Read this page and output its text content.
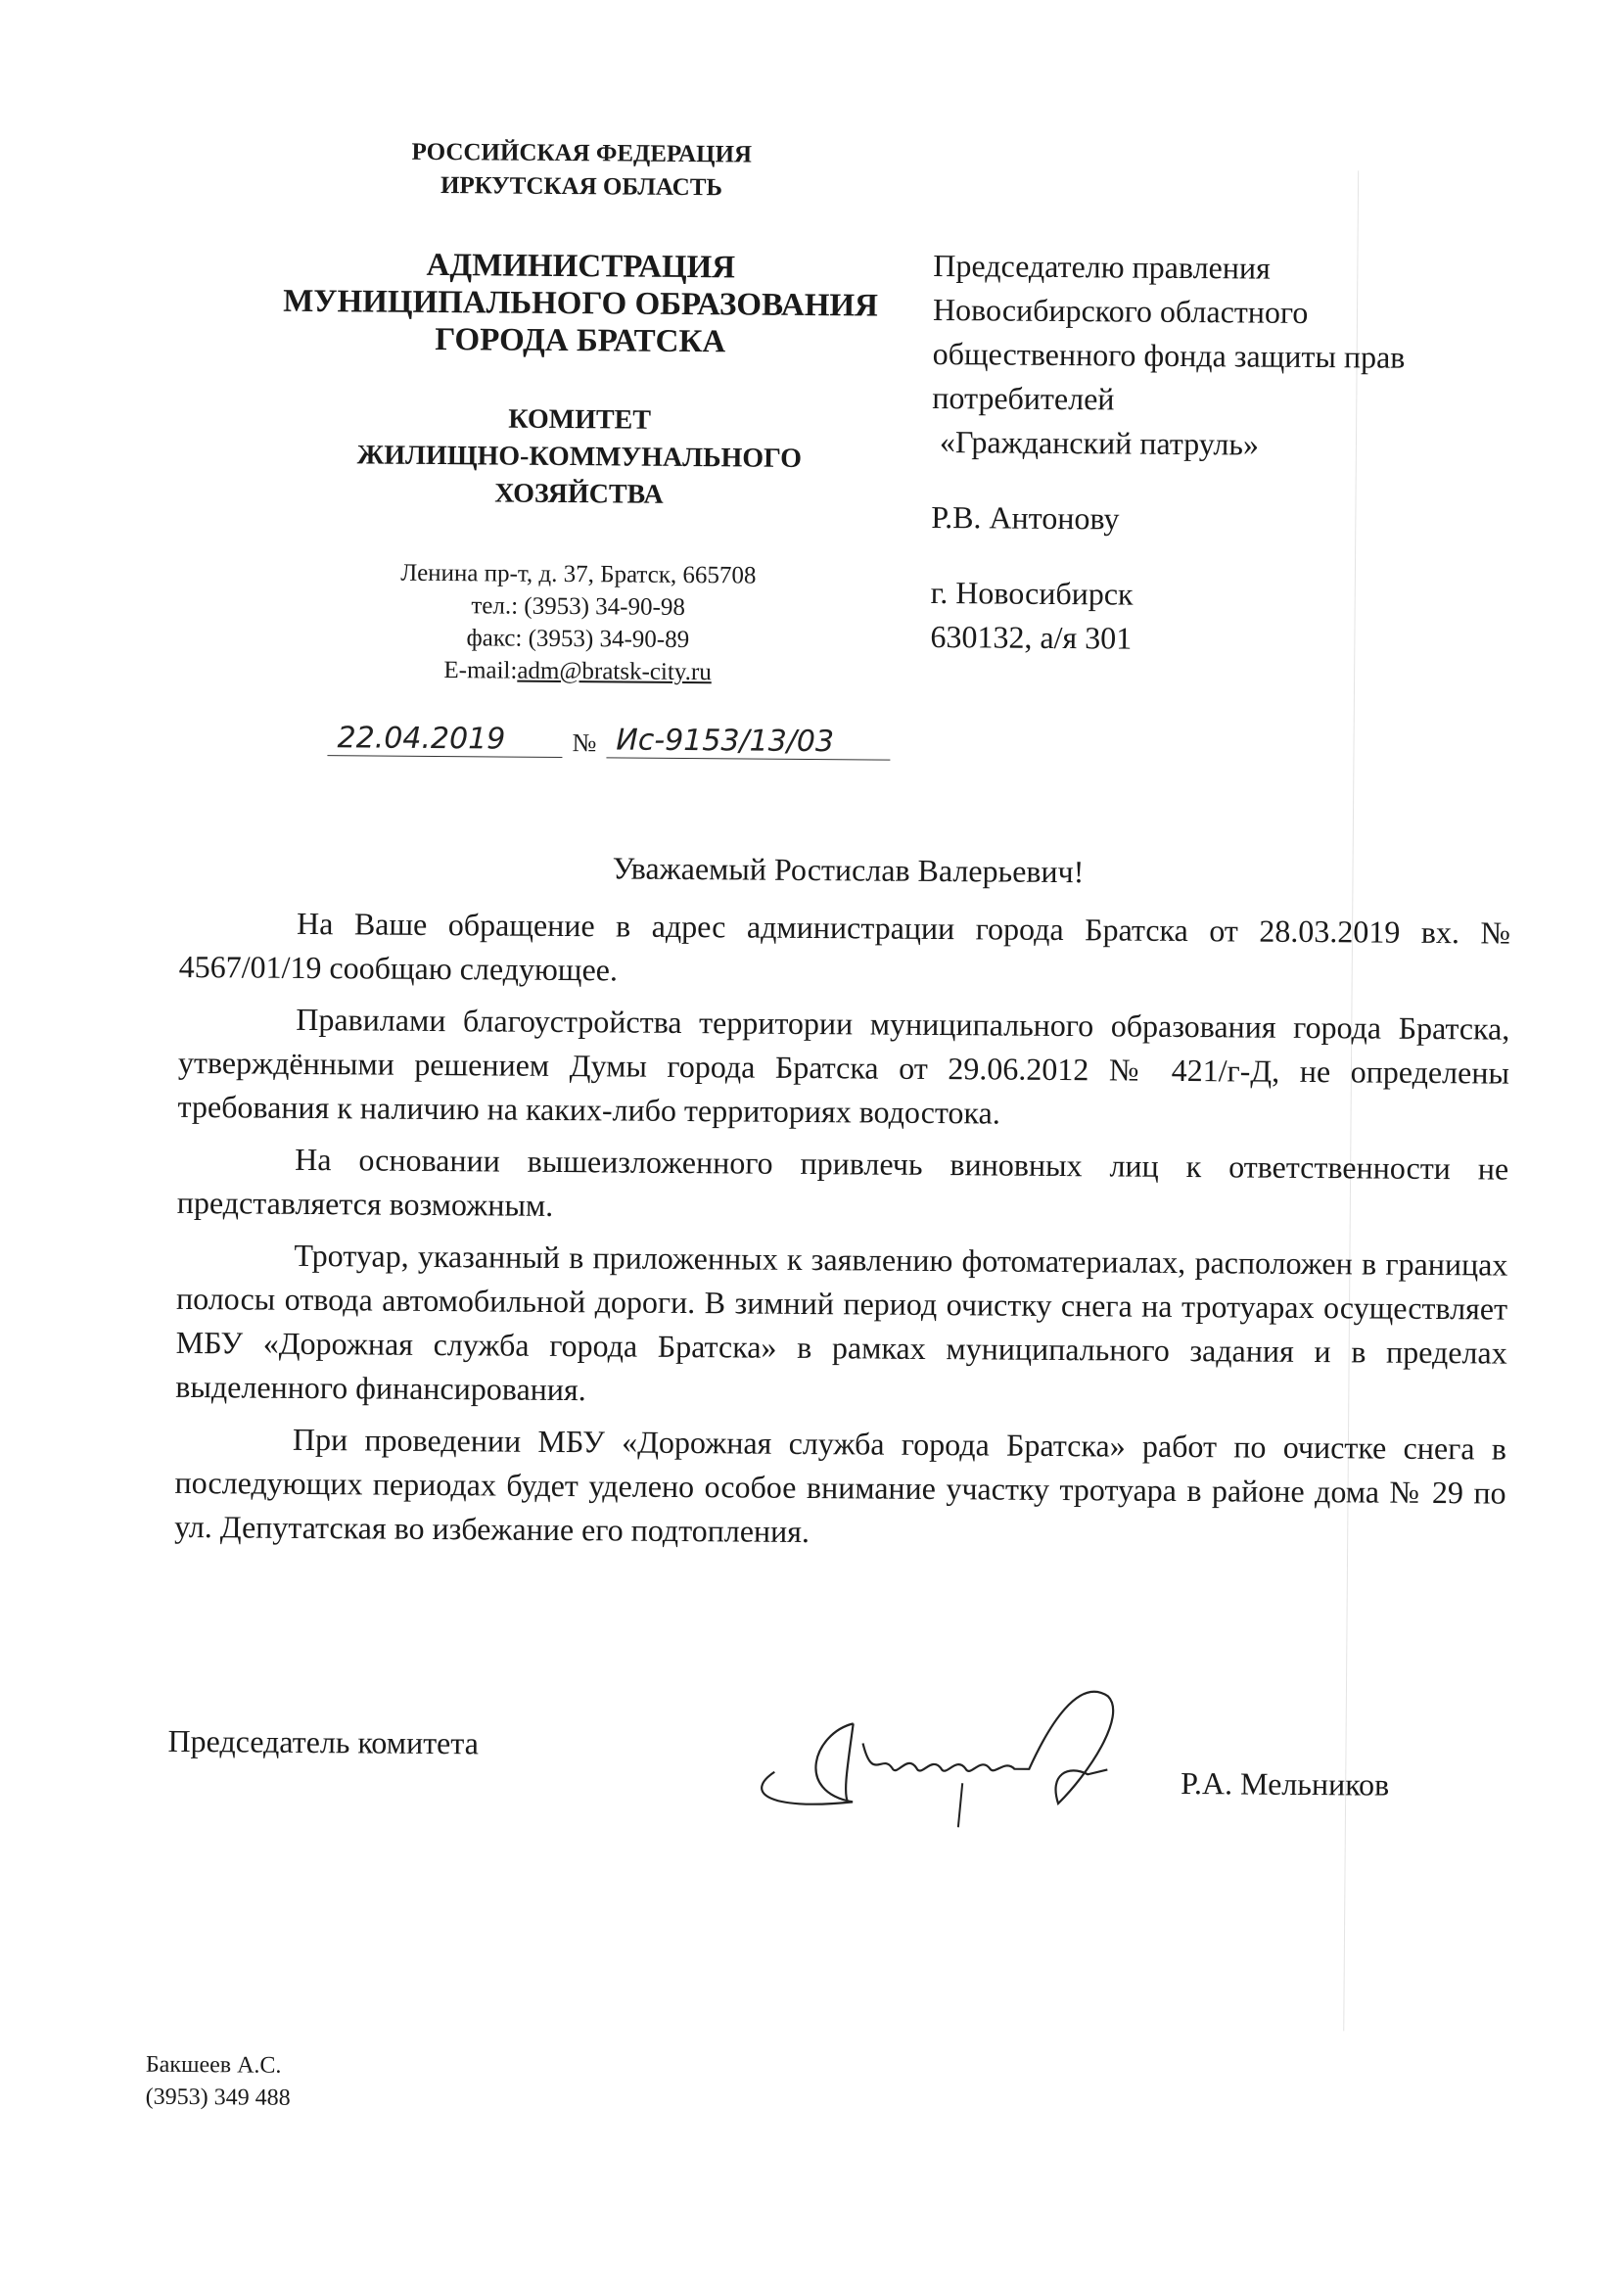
РОССИЙСКАЯ ФЕДЕРАЦИЯ
ИРКУТСКАЯ ОБЛАСТЬ
АДМИНИСТРАЦИЯ
МУНИЦИПАЛЬНОГО ОБРАЗОВАНИЯ
ГОРОДА БРАТСКА
КОМИТЕТ
ЖИЛИЩНО-КОММУНАЛЬНОГО
ХОЗЯЙСТВА
Ленина пр-т, д. 37, Братск, 665708
тел.: (3953) 34-90-98
факс: (3953) 34-90-89
E-mail:adm@bratsk-city.ru
22.04.2019	№ Ис-9153/13/03
Председателю правления
Новосибирского областного
общественного фонда защиты прав
потребителей
«Гражданский патруль»
Р.В. Антонову
г. Новосибирск
630132, а/я 301
Уважаемый Ростислав Валерьевич!

На Ваше обращение в адрес администрации города Братска от 28.03.2019 вх. № 4567/01/19 сообщаю следующее.

Правилами благоустройства территории муниципального образования города Братска, утверждёнными решением Думы города Братска от 29.06.2012 № 421/г-Д, не определены требования к наличию на каких-либо территориях водостока.

На основании вышеизложенного привлечь виновных лиц к ответственности не представляется возможным.

Тротуар, указанный в приложенных к заявлению фотоматериалах, расположен в границах полосы отвода автомобильной дороги. В зимний период очистку снега на тротуарах осуществляет МБУ «Дорожная служба города Братска» в рамках муниципального задания и в пределах выделенного финансирования.

При проведении МБУ «Дорожная служба города Братска» работ по очистке снега в последующих периодах будет уделено особое внимание участку тротуара в районе дома № 29 по ул. Депутатская во избежание его подтопления.

Председатель комитета
Р.А. Мельников
Бакшеев А.С.
(3953) 349 488
